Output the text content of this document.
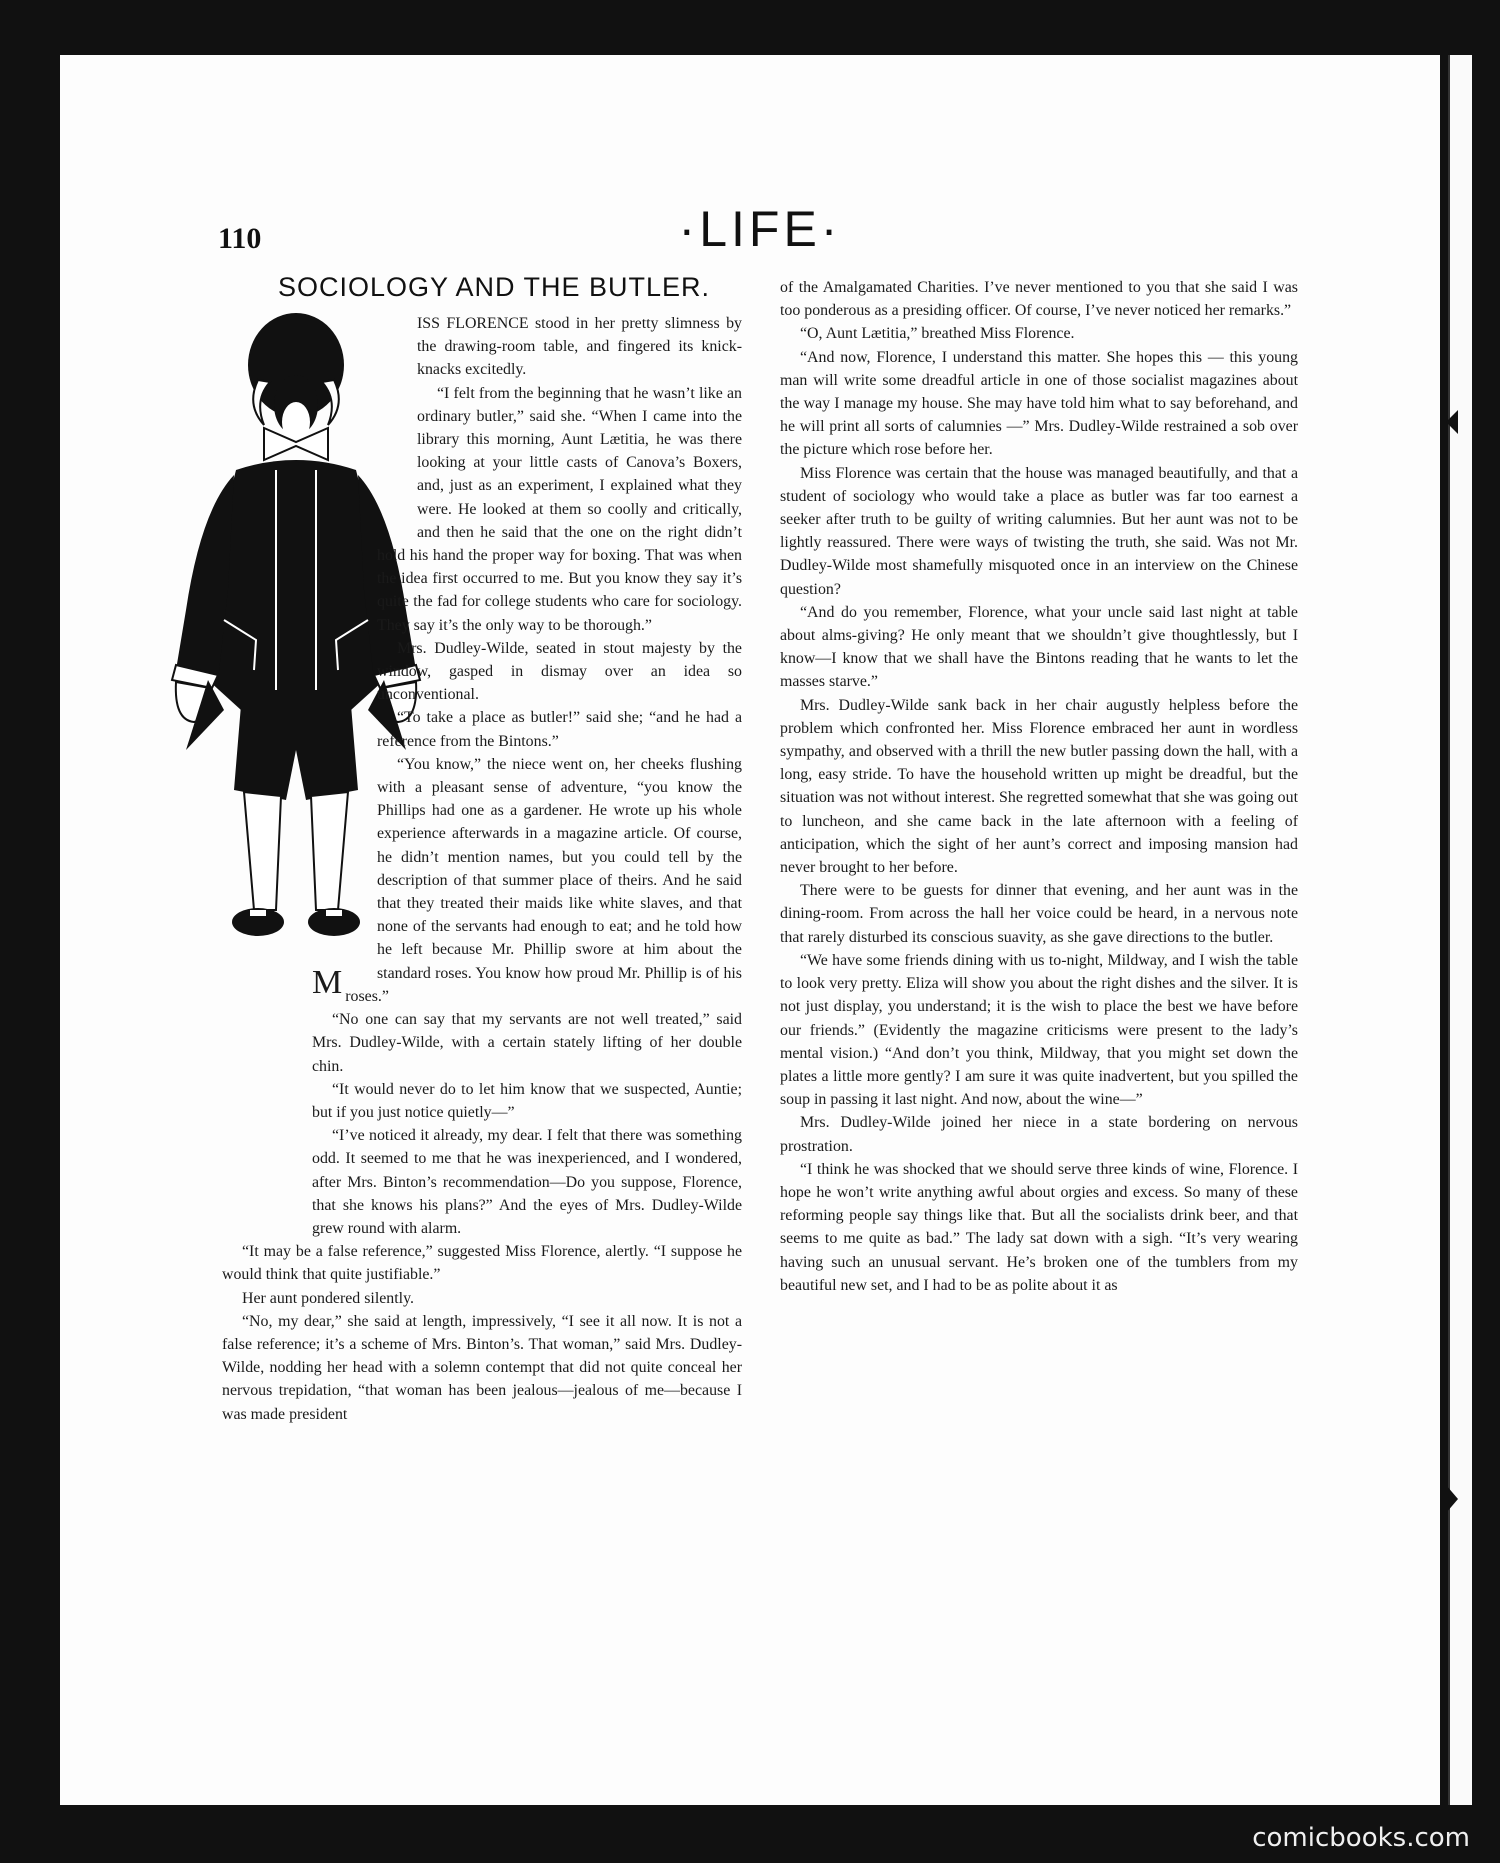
110	·LIFE·
SOCIOLOGY AND THE BUTLER.

M
ISS FLORENCE stood in her pretty slimness by the drawing-room table, and fingered its knick-knacks excitedly.

“I felt from the beginning that he wasn’t like an ordinary butler,” said she. “When I came into the library this morning, Aunt Lætitia, he was there looking at your little casts of Canova’s Boxers, and, just as an experiment, I explained what they were. He looked at them so coolly and critically, and then he said that the one on the right didn’t hold his hand the proper way for boxing. That was when the idea first occurred to me. But you know they say it’s quite the fad for college students who care for sociology. They say it’s the only way to be thorough.”

Mrs. Dudley-Wilde, seated in stout majesty by the window, gasped in dismay over an idea so unconventional.

“To take a place as butler!” said she; “and he had a reference from the Bintons.”

“You know,” the niece went on, her cheeks flushing with a pleasant sense of adventure, “you know the Phillips had one as a gardener. He wrote up his whole experience afterwards in a magazine article. Of course, he didn’t mention names, but you could tell by the description of that summer place of theirs. And he said that they treated their maids like white slaves, and that none of the servants had enough to eat; and he told how he left because Mr. Phillip swore at him about the standard roses. You know how proud Mr. Phillip is of his roses.”

“No one can say that my servants are not well treated,” said Mrs. Dudley-Wilde, with a certain stately lifting of her double chin.

“It would never do to let him know that we suspected, Auntie; but if you just notice quietly—”

“I’ve noticed it already, my dear. I felt that there was something odd. It seemed to me that he was inexperienced, and I wondered, after Mrs. Binton’s recommendation—Do you suppose, Florence, that she knows his plans?” And the eyes of Mrs. Dudley-Wilde grew round with alarm.

“It may be a false reference,” suggested Miss Florence, alertly. “I suppose he would think that quite justifiable.”

Her aunt pondered silently.

“No, my dear,” she said at length, impressively, “I see it all now. It is not a false reference; it’s a scheme of Mrs. Binton’s. That woman,” said Mrs. Dudley-Wilde, nodding her head with a solemn contempt that did not quite conceal her nervous trepidation, “that woman has been jealous—jealous of me—because I was made president

of the Amalgamated Charities. I’ve never mentioned to you that she said I was too ponderous as a presiding officer. Of course, I’ve never noticed her remarks.”

“O, Aunt Lætitia,” breathed Miss Florence.

“And now, Florence, I understand this matter. She hopes this — this young man will write some dreadful article in one of those socialist magazines about the way I manage my house. She may have told him what to say beforehand, and he will print all sorts of calumnies —” Mrs. Dudley-Wilde restrained a sob over the picture which rose before her.

Miss Florence was certain that the house was managed beautifully, and that a student of sociology who would take a place as butler was far too earnest a seeker after truth to be guilty of writing calumnies. But her aunt was not to be lightly reassured. There were ways of twisting the truth, she said. Was not Mr. Dudley-Wilde most shamefully misquoted once in an interview on the Chinese question?

“And do you remember, Florence, what your uncle said last night at table about alms-giving? He only meant that we shouldn’t give thoughtlessly, but I know—I know that we shall have the Bintons reading that he wants to let the masses starve.”

Mrs. Dudley-Wilde sank back in her chair augustly helpless before the problem which confronted her. Miss Florence embraced her aunt in wordless sympathy, and observed with a thrill the new butler passing down the hall, with a long, easy stride. To have the household written up might be dreadful, but the situation was not without interest. She regretted somewhat that she was going out to luncheon, and she came back in the late afternoon with a feeling of anticipation, which the sight of her aunt’s correct and imposing mansion had never brought to her before.

There were to be guests for dinner that evening, and her aunt was in the dining-room. From across the hall her voice could be heard, in a nervous note that rarely disturbed its conscious suavity, as she gave directions to the butler.

“We have some friends dining with us to-night, Mildway, and I wish the table to look very pretty. Eliza will show you about the right dishes and the silver. It is not just display, you understand; it is the wish to place the best we have before our friends.” (Evidently the magazine criticisms were present to the lady’s mental vision.) “And don’t you think, Mildway, that you might set down the plates a little more gently? I am sure it was quite inadvertent, but you spilled the soup in passing it last night. And now, about the wine—”

Mrs. Dudley-Wilde joined her niece in a state bordering on nervous prostration.

“I think he was shocked that we should serve three kinds of wine, Florence. I hope he won’t write anything awful about orgies and excess. So many of these reforming people say things like that. But all the socialists drink beer, and that seems to me quite as bad.” The lady sat down with a sigh. “It’s very wearing having such an unusual servant. He’s broken one of the tumblers from my beautiful new set, and I had to be as polite about it as

comicbooks.com
